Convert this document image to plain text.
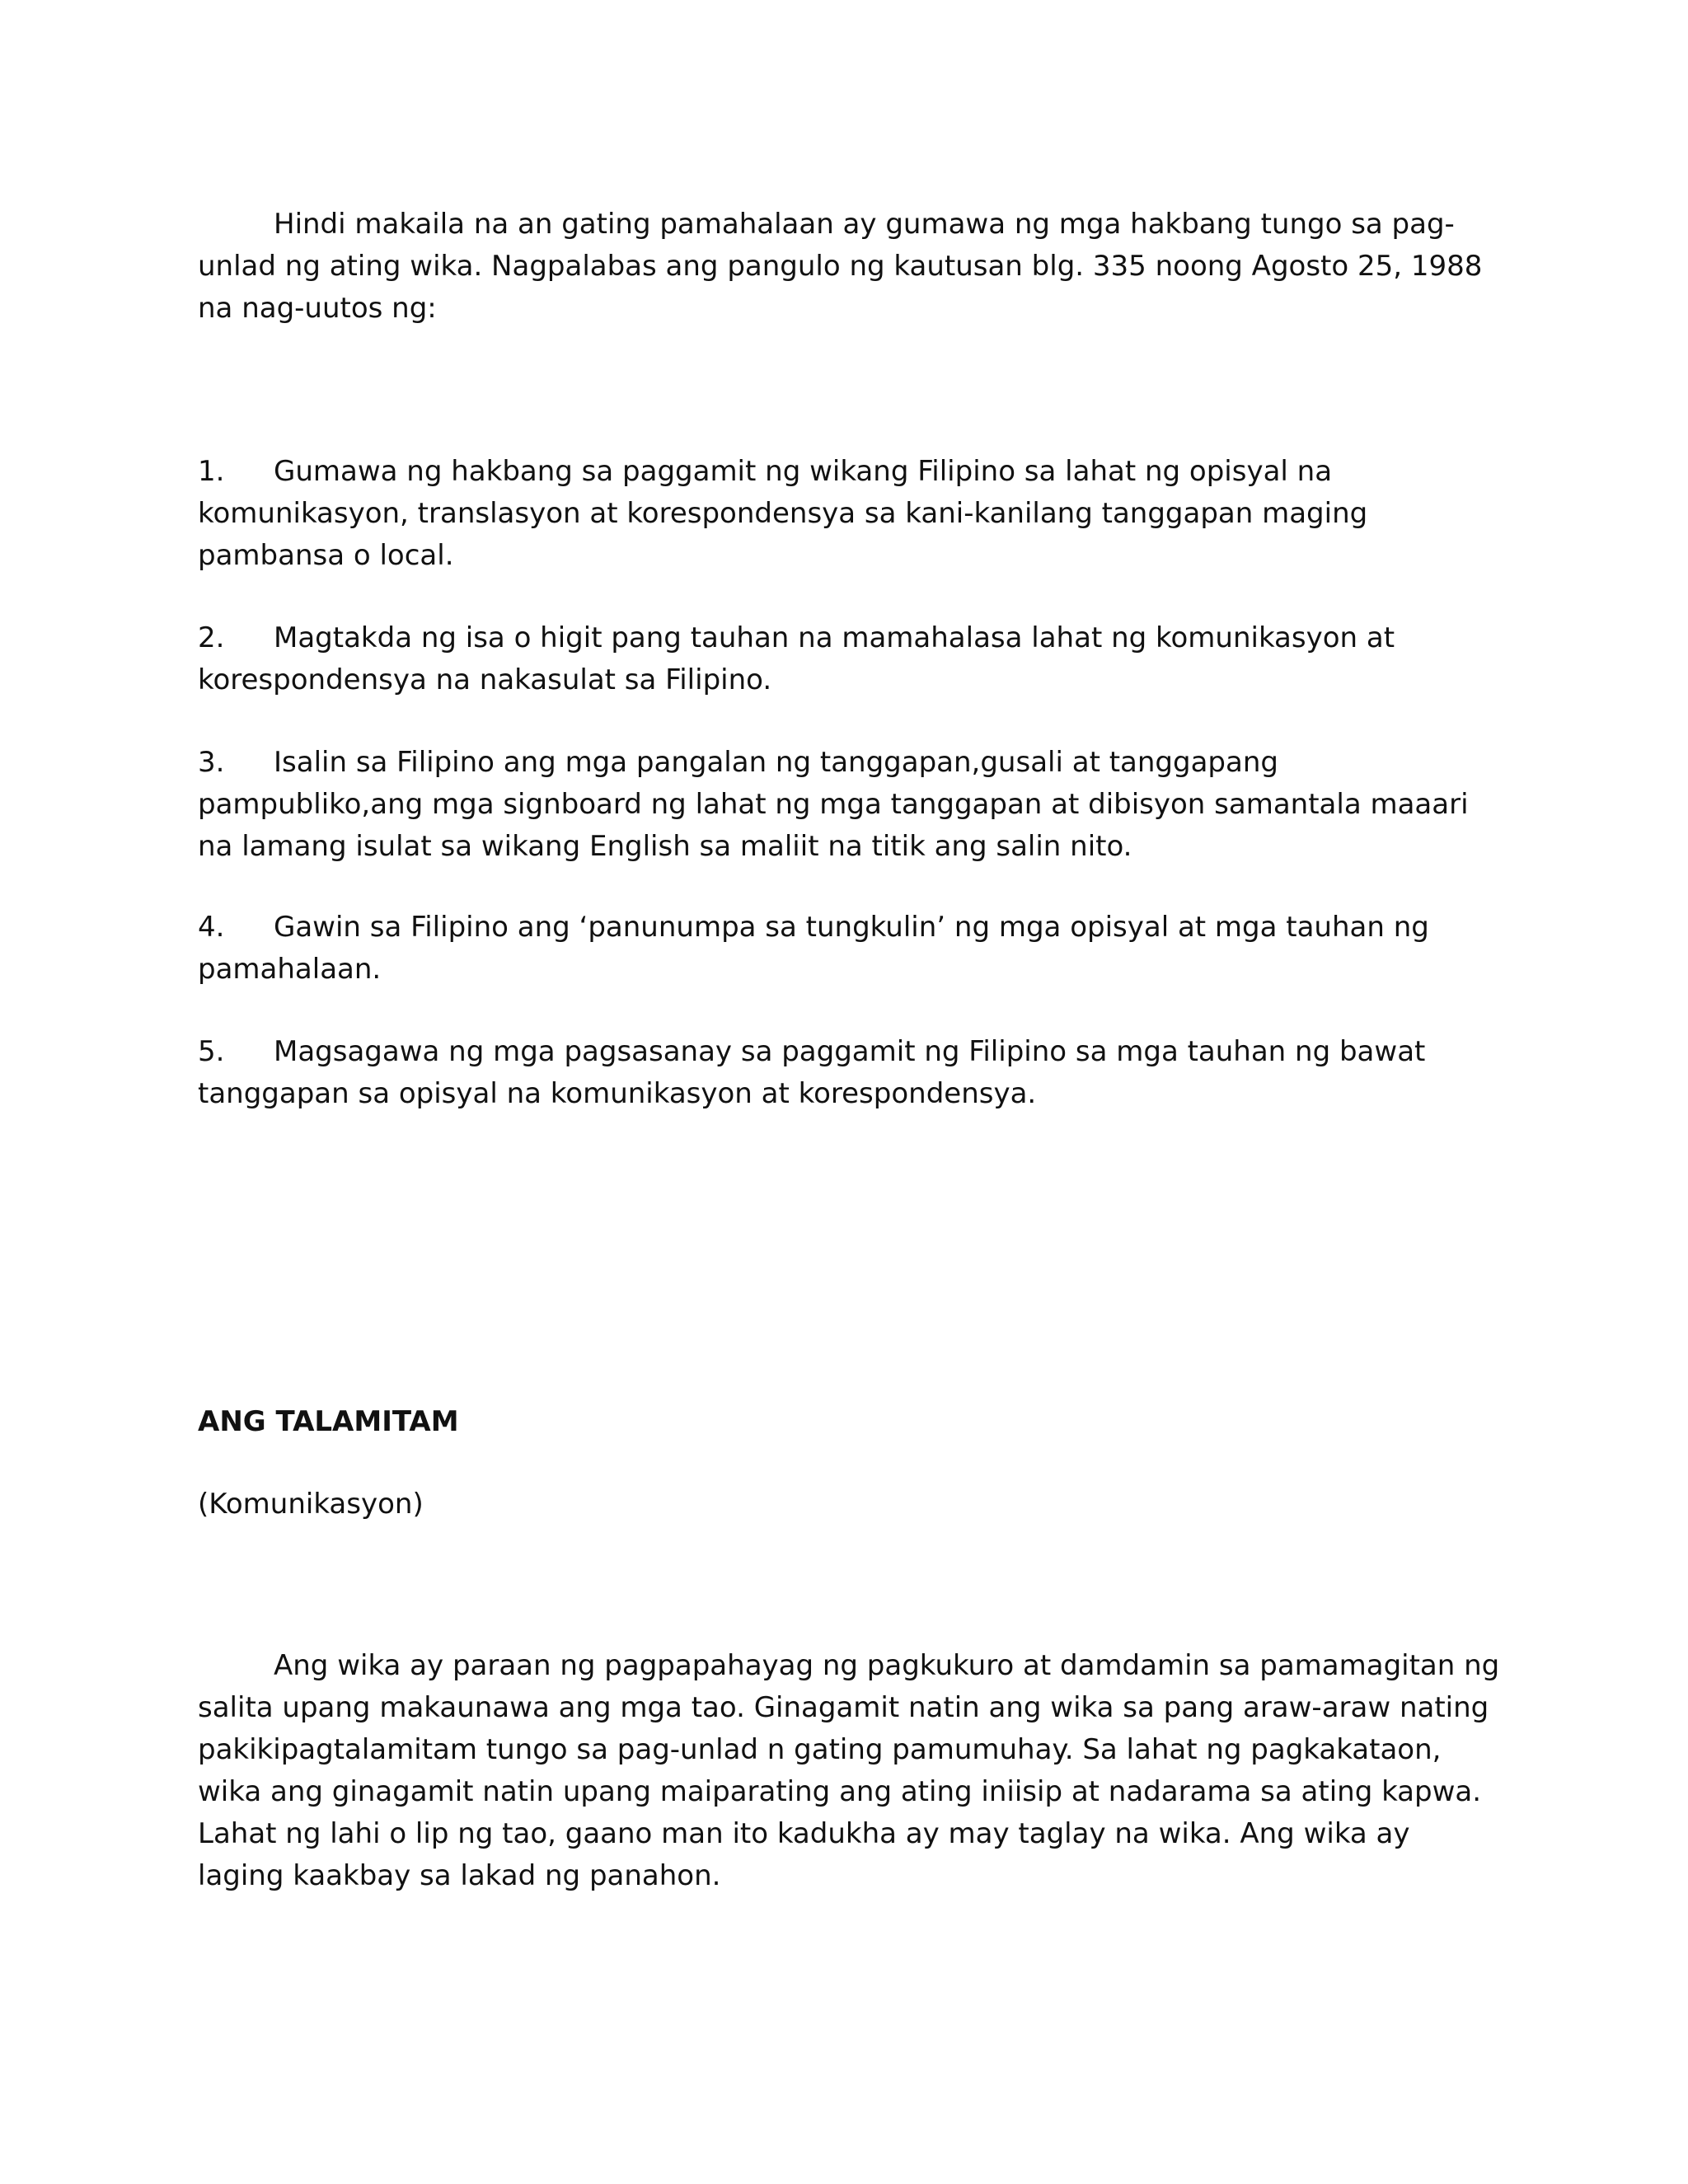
Hindi makaila na an gating pamahalaan ay gumawa ng mga hakbang tungo sa pag-
unlad ng ating wika. Nagpalabas ang pangulo ng kautusan blg. 335 noong Agosto 25, 1988
na nag-uutos ng:
1. Gumawa ng hakbang sa paggamit ng wikang Filipino sa lahat ng opisyal na
komunikasyon, translasyon at korespondensya sa kani-kanilang tanggapan maging
pambansa o local.
2. Magtakda ng isa o higit pang tauhan na mamahalasa lahat ng komunikasyon at
korespondensya na nakasulat sa Filipino.
3. Isalin sa Filipino ang mga pangalan ng tanggapan,gusali at tanggapang
pampubliko,ang mga signboard ng lahat ng mga tanggapan at dibisyon samantala maaari
na lamang isulat sa wikang English sa maliit na titik ang salin nito.
4. Gawin sa Filipino ang ‘panunumpa sa tungkulin’ ng mga opisyal at mga tauhan ng
pamahalaan.
5. Magsagawa ng mga pagsasanay sa paggamit ng Filipino sa mga tauhan ng bawat
tanggapan sa opisyal na komunikasyon at korespondensya.
ANG TALAMITAM
(Komunikasyon)
Ang wika ay paraan ng pagpapahayag ng pagkukuro at damdamin sa pamamagitan ng
salita upang makaunawa ang mga tao. Ginagamit natin ang wika sa pang araw-araw nating
pakikipagtalamitam tungo sa pag-unlad n gating pamumuhay. Sa lahat ng pagkakataon,
wika ang ginagamit natin upang maiparating ang ating iniisip at nadarama sa ating kapwa.
Lahat ng lahi o lip ng tao, gaano man ito kadukha ay may taglay na wika. Ang wika ay
laging kaakbay sa lakad ng panahon.
